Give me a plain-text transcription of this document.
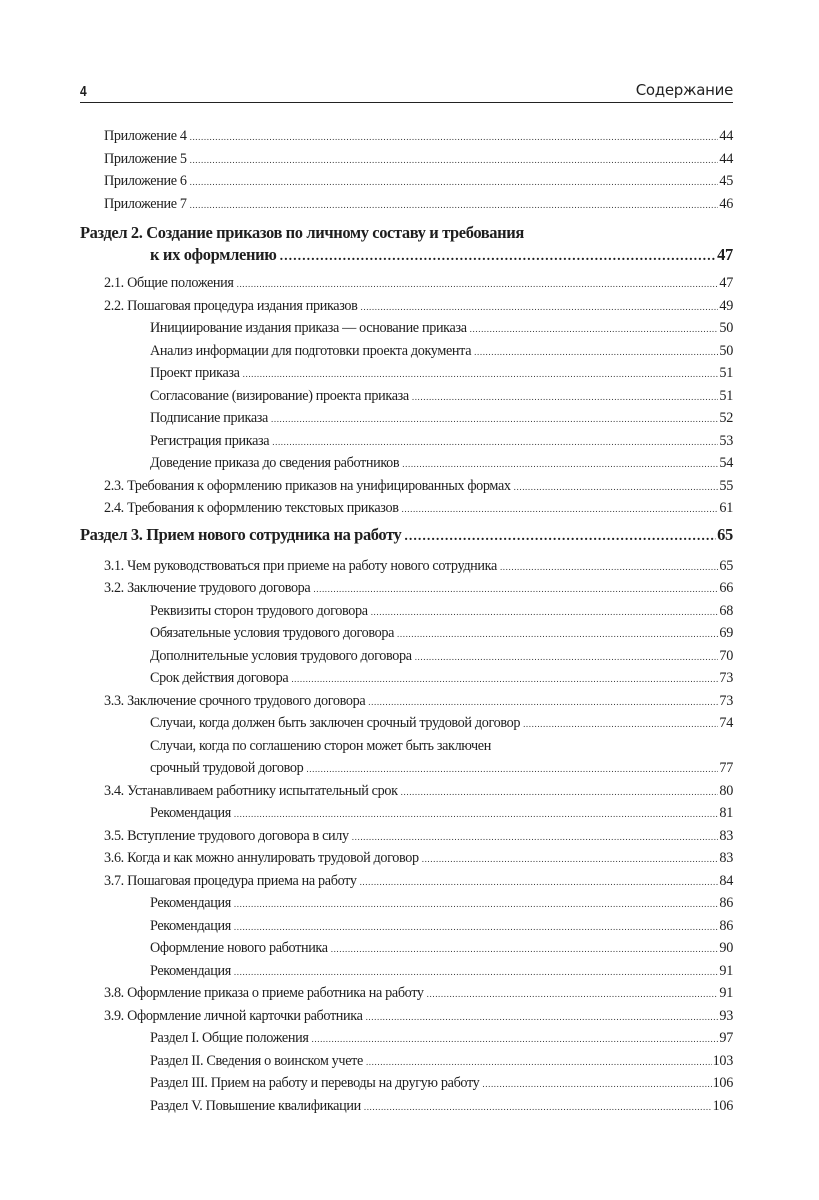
4	Содержание
Приложение 4 .....	44
Приложение 5 .....	44
Приложение 6 .....	45
Приложение 7 .....	46
Раздел 2. Создание приказов по личному составу и требования
к их оформлению .....	47
2.1. Общие положения .....	47
2.2. Пошаговая процедура издания приказов .....	49
Инициирование издания приказа — основание приказа .....	50
Анализ информации для подготовки проекта документа .....	50
Проект приказа .....	51
Согласование (визирование) проекта приказа .....	51
Подписание приказа .....	52
Регистрация приказа .....	53
Доведение приказа до сведения работников .....	54
2.3. Требования к оформлению приказов на унифицированных формах .....	55
2.4. Требования к оформлению текстовых приказов .....	61
Раздел 3. Прием нового сотрудника на работу .....	65
3.1. Чем руководствоваться при приеме на работу нового сотрудника .....	65
3.2. Заключение трудового договора .....	66
Реквизиты сторон трудового договора .....	68
Обязательные условия трудового договора .....	69
Дополнительные условия трудового договора .....	70
Срок действия договора .....	73
3.3. Заключение срочного трудового договора .....	73
Случаи, когда должен быть заключен срочный трудовой договор .....	74
Случаи, когда по соглашению сторон может быть заключен
срочный трудовой договор .....	77
3.4. Устанавливаем работнику испытательный срок .....	80
Рекомендация .....	81
3.5. Вступление трудового договора в силу .....	83
3.6. Когда и как можно аннулировать трудовой договор .....	83
3.7. Пошаговая процедура приема на работу .....	84
Рекомендация .....	86
Рекомендация .....	86
Оформление нового работника .....	90
Рекомендация .....	91
3.8. Оформление приказа о приеме работника на работу .....	91
3.9. Оформление личной карточки работника .....	93
Раздел I. Общие положения .....	97
Раздел II. Сведения о воинском учете .....	103
Раздел III. Прием на работу и переводы на другую работу .....	106
Раздел V. Повышение квалификации .....	106
